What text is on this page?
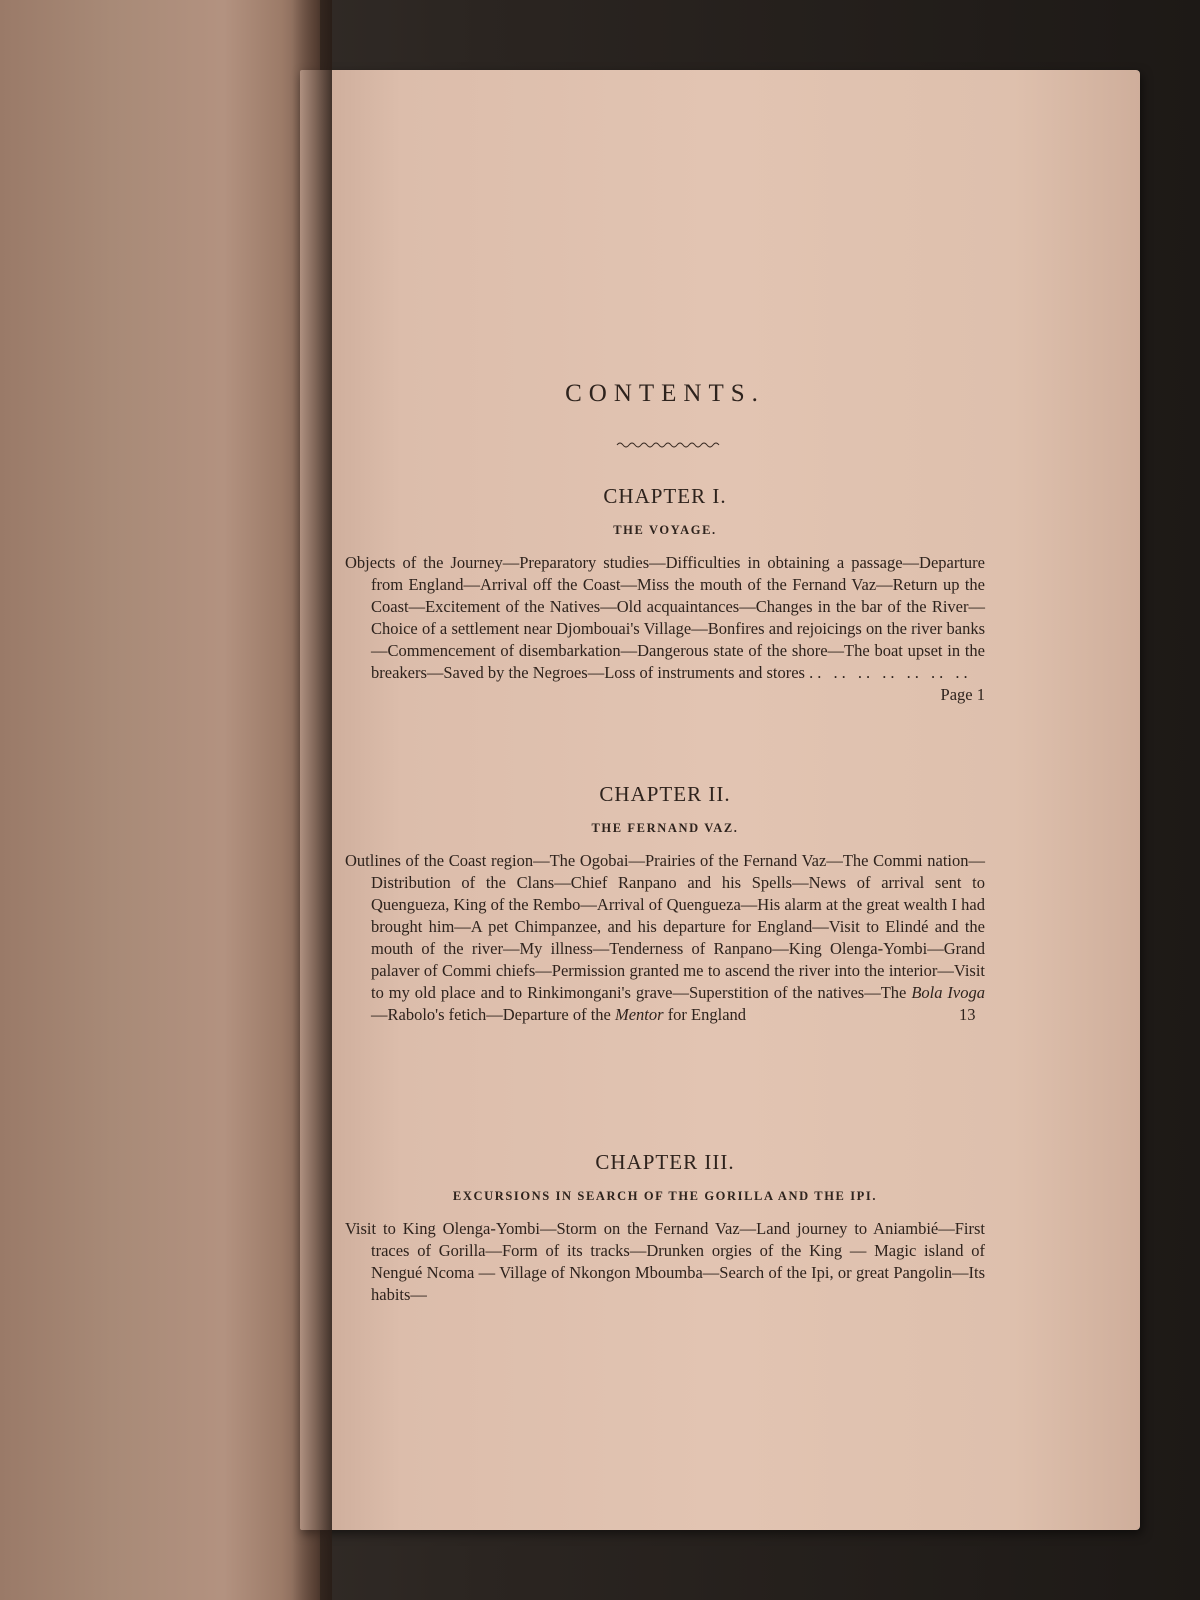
CONTENTS.
CHAPTER I.
THE VOYAGE.

Objects of the Journey—Preparatory studies—Difficulties in obtaining a passage—Departure from England—Arrival off the Coast—Miss the mouth of the Fernand Vaz—Return up the Coast—Excitement of the Natives—Old acquaintances—Changes in the bar of the River—Choice of a settlement near Djombouai's Village—Bonfires and rejoicings on the river banks—Commencement of disembarkation—Dangerous state of the shore—The boat upset in the breakers—Saved by the Negroes—Loss of instruments and stores .. .. .. .. .. .. ..
Page 1

CHAPTER II.
THE FERNAND VAZ.

Outlines of the Coast region—The Ogobai—Prairies of the Fernand Vaz—The Commi nation—Distribution of the Clans—Chief Ranpano and his Spells—News of arrival sent to Quengueza, King of the Rembo—Arrival of Quengueza—His alarm at the great wealth I had brought him—A pet Chimpanzee, and his departure for England—Visit to Elindé and the mouth of the river—My illness—Tenderness of Ranpano—King Olenga-Yombi—Grand palaver of Commi chiefs—Permission granted me to ascend the river into the interior—Visit to my old place and to Rinkimongani's grave—Superstition of the natives—The Bola Ivoga—Rabolo's fetich—Departure of the Mentor for England	13

CHAPTER III.
EXCURSIONS IN SEARCH OF THE GORILLA AND THE IPI.

Visit to King Olenga-Yombi—Storm on the Fernand Vaz—Land journey to Aniambié—First traces of Gorilla—Form of its tracks—Drunken orgies of the King — Magic island of Nengué Ncoma — Village of Nkongon Mboumba—Search of the Ipi, or great Pangolin—Its habits—
